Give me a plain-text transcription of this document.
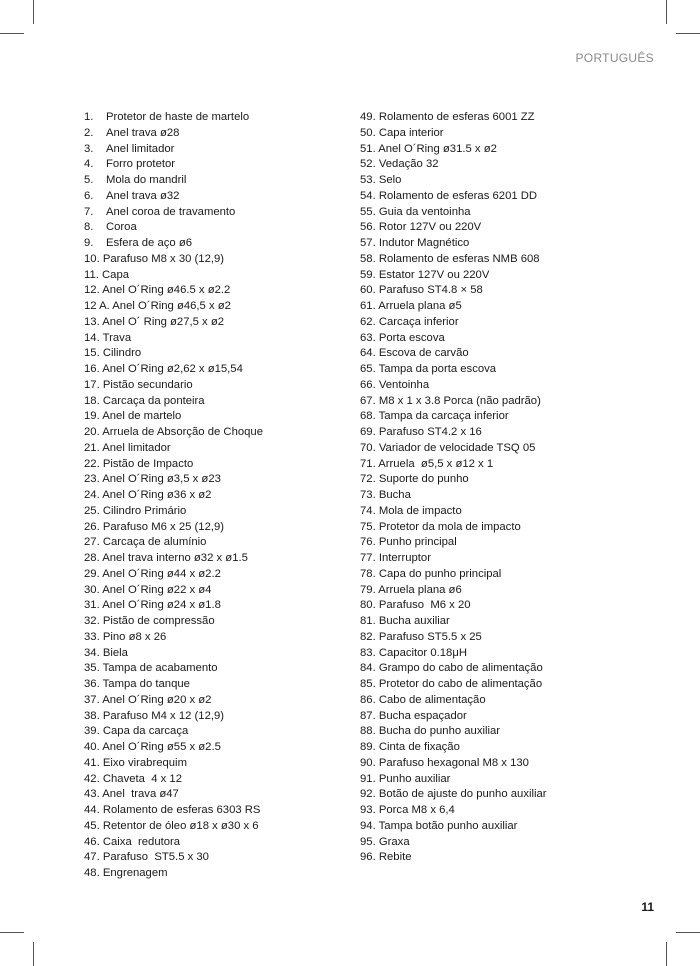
PORTUGUÊS
1.    Protetor de haste de martelo
2.    Anel trava ø28
3.    Anel limitador
4.    Forro protetor
5.    Mola do mandril
6.    Anel trava ø32
7.    Anel coroa de travamento
8.    Coroa
9.    Esfera de aço ø6
10. Parafuso M8 x 30 (12,9)
11. Capa
12. Anel O´Ring ø46.5 x ø2.2
12 A. Anel O´Ring ø46,5 x ø2
13. Anel O´ Ring ø27,5 x ø2
14. Trava
15. Cilindro
16. Anel O´Ring ø2,62 x ø15,54
17. Pistão secundario
18. Carcaça da ponteira
19. Anel de martelo
20. Arruela de Absorção de Choque
21. Anel limitador
22. Pistão de Impacto
23. Anel O´Ring ø3,5 x ø23
24. Anel O´Ring ø36 x ø2
25. Cilindro Primário
26. Parafuso M6 x 25 (12,9)
27. Carcaça de alumínio
28. Anel trava interno ø32 x ø1.5
29. Anel O´Ring ø44 x ø2.2
30. Anel O´Ring ø22 x ø4
31. Anel O´Ring ø24 x ø1.8
32. Pistão de compressão
33. Pino ø8 x 26
34. Biela
35. Tampa de acabamento
36. Tampa do tanque
37. Anel O´Ring ø20 x ø2
38. Parafuso M4 x 12 (12,9)
39. Capa da carcaça
40. Anel O´Ring ø55 x ø2.5
41. Eixo virabrequim
42. Chaveta  4 x 12
43. Anel  trava ø47
44. Rolamento de esferas 6303 RS
45. Retentor de óleo ø18 x ø30 x 6
46. Caixa  redutora
47. Parafuso  ST5.5 x 30
48. Engrenagem
49. Rolamento de esferas 6001 ZZ
50. Capa interior
51. Anel O´Ring ø31.5 x ø2
52. Vedação 32
53. Selo
54. Rolamento de esferas 6201 DD
55. Guia da ventoinha
56. Rotor 127V ou 220V
57. Indutor Magnético
58. Rolamento de esferas NMB 608
59. Estator 127V ou 220V
60. Parafuso ST4.8 × 58
61. Arruela plana ø5
62. Carcaça inferior
63. Porta escova
64. Escova de carvão
65. Tampa da porta escova
66. Ventoinha
67. M8 x 1 x 3.8 Porca (não padrão)
68. Tampa da carcaça inferior
69. Parafuso ST4.2 x 16
70. Variador de velocidade TSQ 05
71. Arruela  ø5,5 x ø12 x 1
72. Suporte do punho
73. Bucha
74. Mola de impacto
75. Protetor da mola de impacto
76. Punho principal
77. Interruptor
78. Capa do punho principal
79. Arruela plana ø6
80. Parafuso  M6 x 20
81. Bucha auxiliar
82. Parafuso ST5.5 x 25
83. Capacitor 0.18μH
84. Grampo do cabo de alimentação
85. Protetor do cabo de alimentação
86. Cabo de alimentação
87. Bucha espaçador
88. Bucha do punho auxiliar
89. Cinta de fixação
90. Parafuso hexagonal M8 x 130
91. Punho auxiliar
92. Botão de ajuste do punho auxiliar
93. Porca M8 x 6,4
94. Tampa botão punho auxiliar
95. Graxa
96. Rebite
11
